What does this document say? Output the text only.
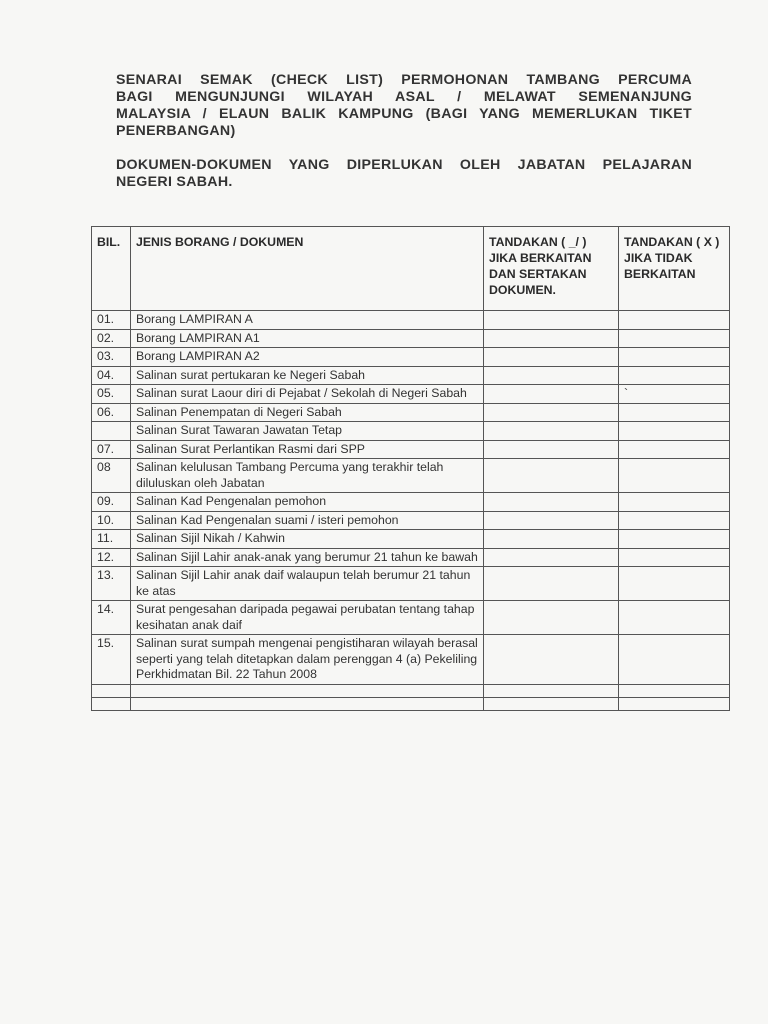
SENARAI SEMAK (CHECK LIST) PERMOHONAN TAMBANG PERCUMA
BAGI MENGUNJUNGI WILAYAH ASAL / MELAWAT SEMENANJUNG
MALAYSIA / ELAUN BALIK KAMPUNG (BAGI YANG MEMERLUKAN TIKET
PENERBANGAN)
DOKUMEN-DOKUMEN YANG DIPERLUKAN OLEH JABATAN PELAJARAN
NEGERI SABAH.
BIL.	JENIS BORANG / DOKUMEN	TANDAKAN ( _/ ) JIKA BERKAITAN DAN SERTAKAN DOKUMEN.	TANDAKAN ( X ) JIKA TIDAK BERKAITAN
01.	Borang LAMPIRAN A		
02.	Borang LAMPIRAN A1		
03.	Borang LAMPIRAN A2		
04.	Salinan surat pertukaran ke Negeri Sabah		
05.	Salinan surat Laour diri di Pejabat / Sekolah di Negeri Sabah		`
06.	Salinan Penempatan di Negeri Sabah		
	Salinan Surat Tawaran Jawatan Tetap		
07.	Salinan Surat Perlantikan Rasmi dari SPP		
08	Salinan kelulusan Tambang Percuma yang terakhir telah diluluskan oleh Jabatan		
09.	Salinan Kad Pengenalan pemohon		
10.	Salinan Kad Pengenalan suami / isteri pemohon		
11.	Salinan Sijil Nikah / Kahwin		
12.	Salinan Sijil Lahir anak-anak yang berumur 21 tahun ke bawah		
13.	Salinan Sijil Lahir anak daif walaupun telah berumur 21 tahun ke atas		
14.	Surat pengesahan daripada pegawai perubatan tentang tahap kesihatan anak daif		
15.	Salinan surat sumpah mengenai pengistiharan wilayah berasal seperti yang telah ditetapkan dalam perenggan 4 (a) Pekeliling Perkhidmatan Bil. 22 Tahun 2008		
